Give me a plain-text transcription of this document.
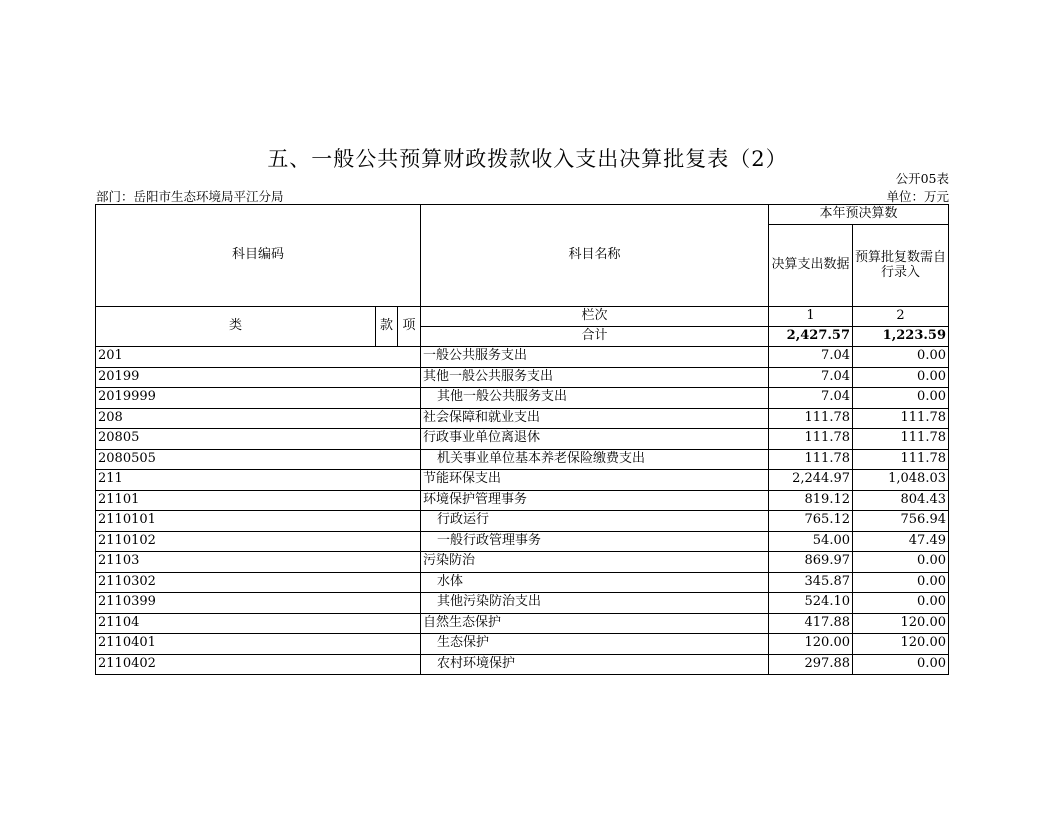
五、一般公共预算财政拨款收入支出决算批复表（2）
公开05表
部门：岳阳市生态环境局平江分局	单位：万元
科目编码			科目名称	本年预决算数	
				决算支出数据	预算批复数需自行录入
类	款	项	栏次	1	2
			合计	2,427.57	1,223.59
201			一般公共服务支出	7.04	0.00
20199			其他一般公共服务支出	7.04	0.00
2019999			其他一般公共服务支出	7.04	0.00
208			社会保障和就业支出	111.78	111.78
20805			行政事业单位离退休	111.78	111.78
2080505			机关事业单位基本养老保险缴费支出	111.78	111.78
211			节能环保支出	2,244.97	1,048.03
21101			环境保护管理事务	819.12	804.43
2110101			行政运行	765.12	756.94
2110102			一般行政管理事务	54.00	47.49
21103			污染防治	869.97	0.00
2110302			水体	345.87	0.00
2110399			其他污染防治支出	524.10	0.00
21104			自然生态保护	417.88	120.00
2110401			生态保护	120.00	120.00
2110402			农村环境保护	297.88	0.00
